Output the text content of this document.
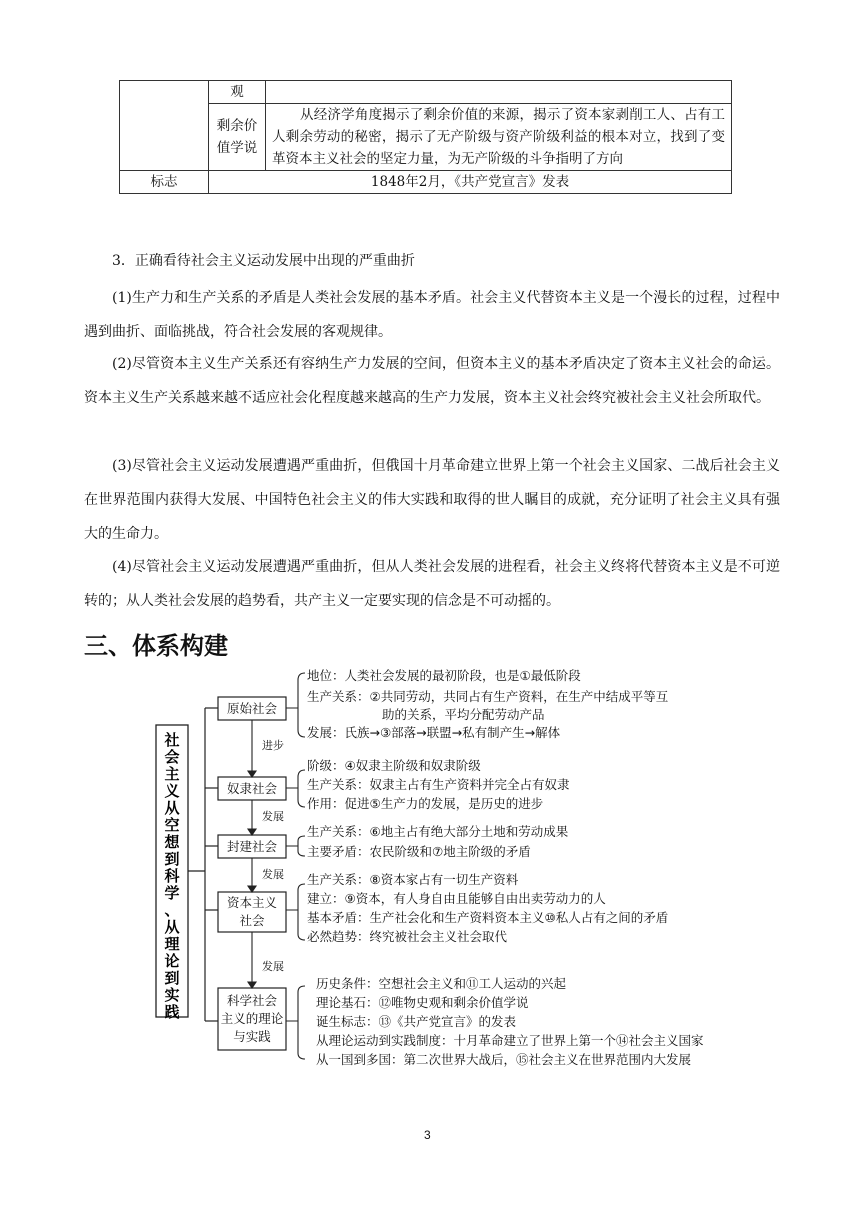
	观	
	剩余价值学说	从经济学角度揭示了剩余价值的来源，揭示了资本家剥削工人、占有工人剩余劳动的秘密，揭示了无产阶级与资产阶级利益的根本对立，找到了变革资本主义社会的坚定力量，为无产阶级的斗争指明了方向
标志	1848年2月，《共产党宣言》发表	
3．正确看待社会主义运动发展中出现的严重曲折
(1)生产力和生产关系的矛盾是人类社会发展的基本矛盾。社会主义代替资本主义是一个漫长的过程，过程中遇到曲折、面临挑战，符合社会发展的客观规律。
(2)尽管资本主义生产关系还有容纳生产力发展的空间，但资本主义的基本矛盾决定了资本主义社会的命运。资本主义生产关系越来越不适应社会化程度越来越高的生产力发展，资本主义社会终究被社会主义社会所取代。
(3)尽管社会主义运动发展遭遇严重曲折，但俄国十月革命建立世界上第一个社会主义国家、二战后社会主义在世界范围内获得大发展、中国特色社会主义的伟大实践和取得的世人瞩目的成就，充分证明了社会主义具有强大的生命力。
(4)尽管社会主义运动发展遭遇严重曲折，但从人类社会发展的进程看，社会主义终将代替资本主义是不可逆转的；从人类社会发展的趋势看，共产主义一定要实现的信念是不可动摇的。
三、体系构建
社
会
主
义
从
空
想
到
科
学
、
从
理
论
到
实
践
原始社会
奴隶社会
封建社会
资本主义
社会
科学社会
主义的理论
与实践
进步
发展
发展
发展
地位：人类社会发展的最初阶段，也是①最低阶段
生产关系：②共同劳动，共同占有生产资料，在生产中结成平等互
助的关系，平均分配劳动产品
发展：氏族→③部落→联盟→私有制产生→解体
阶级：④奴隶主阶级和奴隶阶级
生产关系：奴隶主占有生产资料并完全占有奴隶
作用：促进⑤生产力的发展，是历史的进步
生产关系：⑥地主占有绝大部分土地和劳动成果
主要矛盾：农民阶级和⑦地主阶级的矛盾
生产关系：⑧资本家占有一切生产资料
建立：⑨资本，有人身自由且能够自由出卖劳动力的人
基本矛盾：生产社会化和生产资料资本主义⑩私人占有之间的矛盾
必然趋势：终究被社会主义社会取代
历史条件：空想社会主义和⑪工人运动的兴起
理论基石：⑫唯物史观和剩余价值学说
诞生标志：⑬《共产党宣言》的发表
从理论运动到实践制度：十月革命建立了世界上第一个⑭社会主义国家
从一国到多国：第二次世界大战后，⑮社会主义在世界范围内大发展
3
